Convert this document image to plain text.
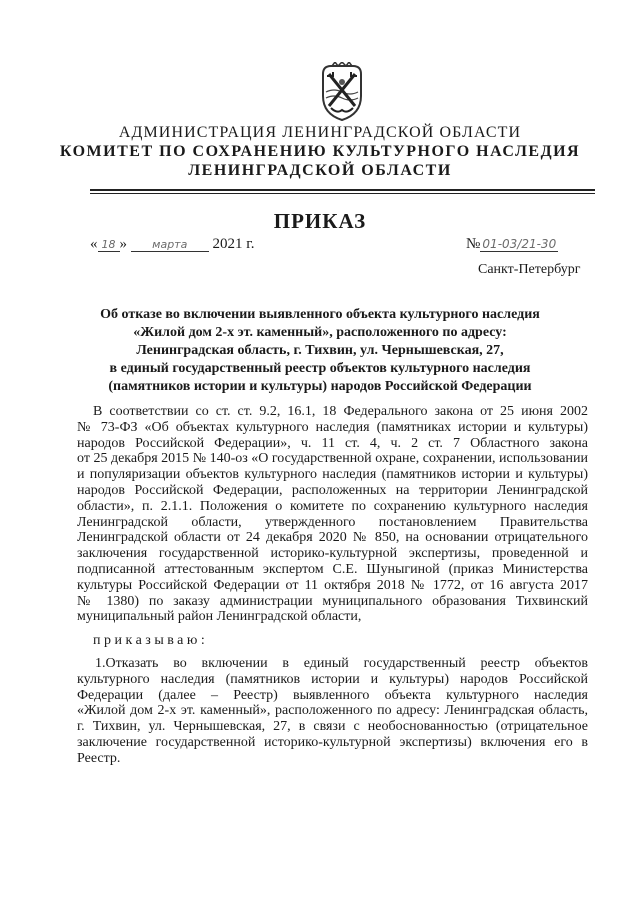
АДМИНИСТРАЦИЯ ЛЕНИНГРАДСКОЙ ОБЛАСТИ
КОМИТЕТ ПО СОХРАНЕНИЮ КУЛЬТУРНОГО НАСЛЕДИЯ
ЛЕНИНГРАДСКОЙ ОБЛАСТИ
ПРИКАЗ
« 18 » марта 2021 г.	№ 01-03/21-30
Санкт-Петербург
Об отказе во включении выявленного объекта культурного наследия
«Жилой дом 2-х эт. каменный», расположенного по адресу:
Ленинградская область, г. Тихвин, ул. Чернышевская, 27,
в единый государственный реестр объектов культурного наследия
(памятников истории и культуры) народов Российской Федерации
В соответствии со ст. ст. 9.2, 16.1, 18 Федерального закона от 25 июня 2002
№ 73-ФЗ «Об объектах культурного наследия (памятниках истории и культуры)
народов Российской Федерации», ч. 11 ст. 4, ч. 2 ст. 7 Областного закона
от 25 декабря 2015 № 140-оз «О государственной охране, сохранении, использовании
и популяризации объектов культурного наследия (памятников истории и культуры)
народов Российской Федерации, расположенных на территории Ленинградской
области», п. 2.1.1. Положения о комитете по сохранению культурного наследия
Ленинградской области, утвержденного постановлением Правительства
Ленинградской области от 24 декабря 2020 № 850, на основании отрицательного
заключения государственной историко-культурной экспертизы, проведенной и
подписанной аттестованным экспертом С.Е. Шуныгиной (приказ Министерства
культуры Российской Федерации от 11 октября 2018 № 1772, от 16 августа 2017
№ 1380) по заказу администрации муниципального образования Тихвинский
муниципальный район Ленинградской области,
приказываю:
1.Отказать во включении в единый государственный реестр объектов
культурного наследия (памятников истории и культуры) народов Российской
Федерации (далее – Реестр) выявленного объекта культурного наследия
«Жилой дом 2-х эт. каменный», расположенного по адресу: Ленинградская область,
г. Тихвин, ул. Чернышевская, 27, в связи с необоснованностью (отрицательное
заключение государственной историко-культурной экспертизы) включения его в
Реестр.
